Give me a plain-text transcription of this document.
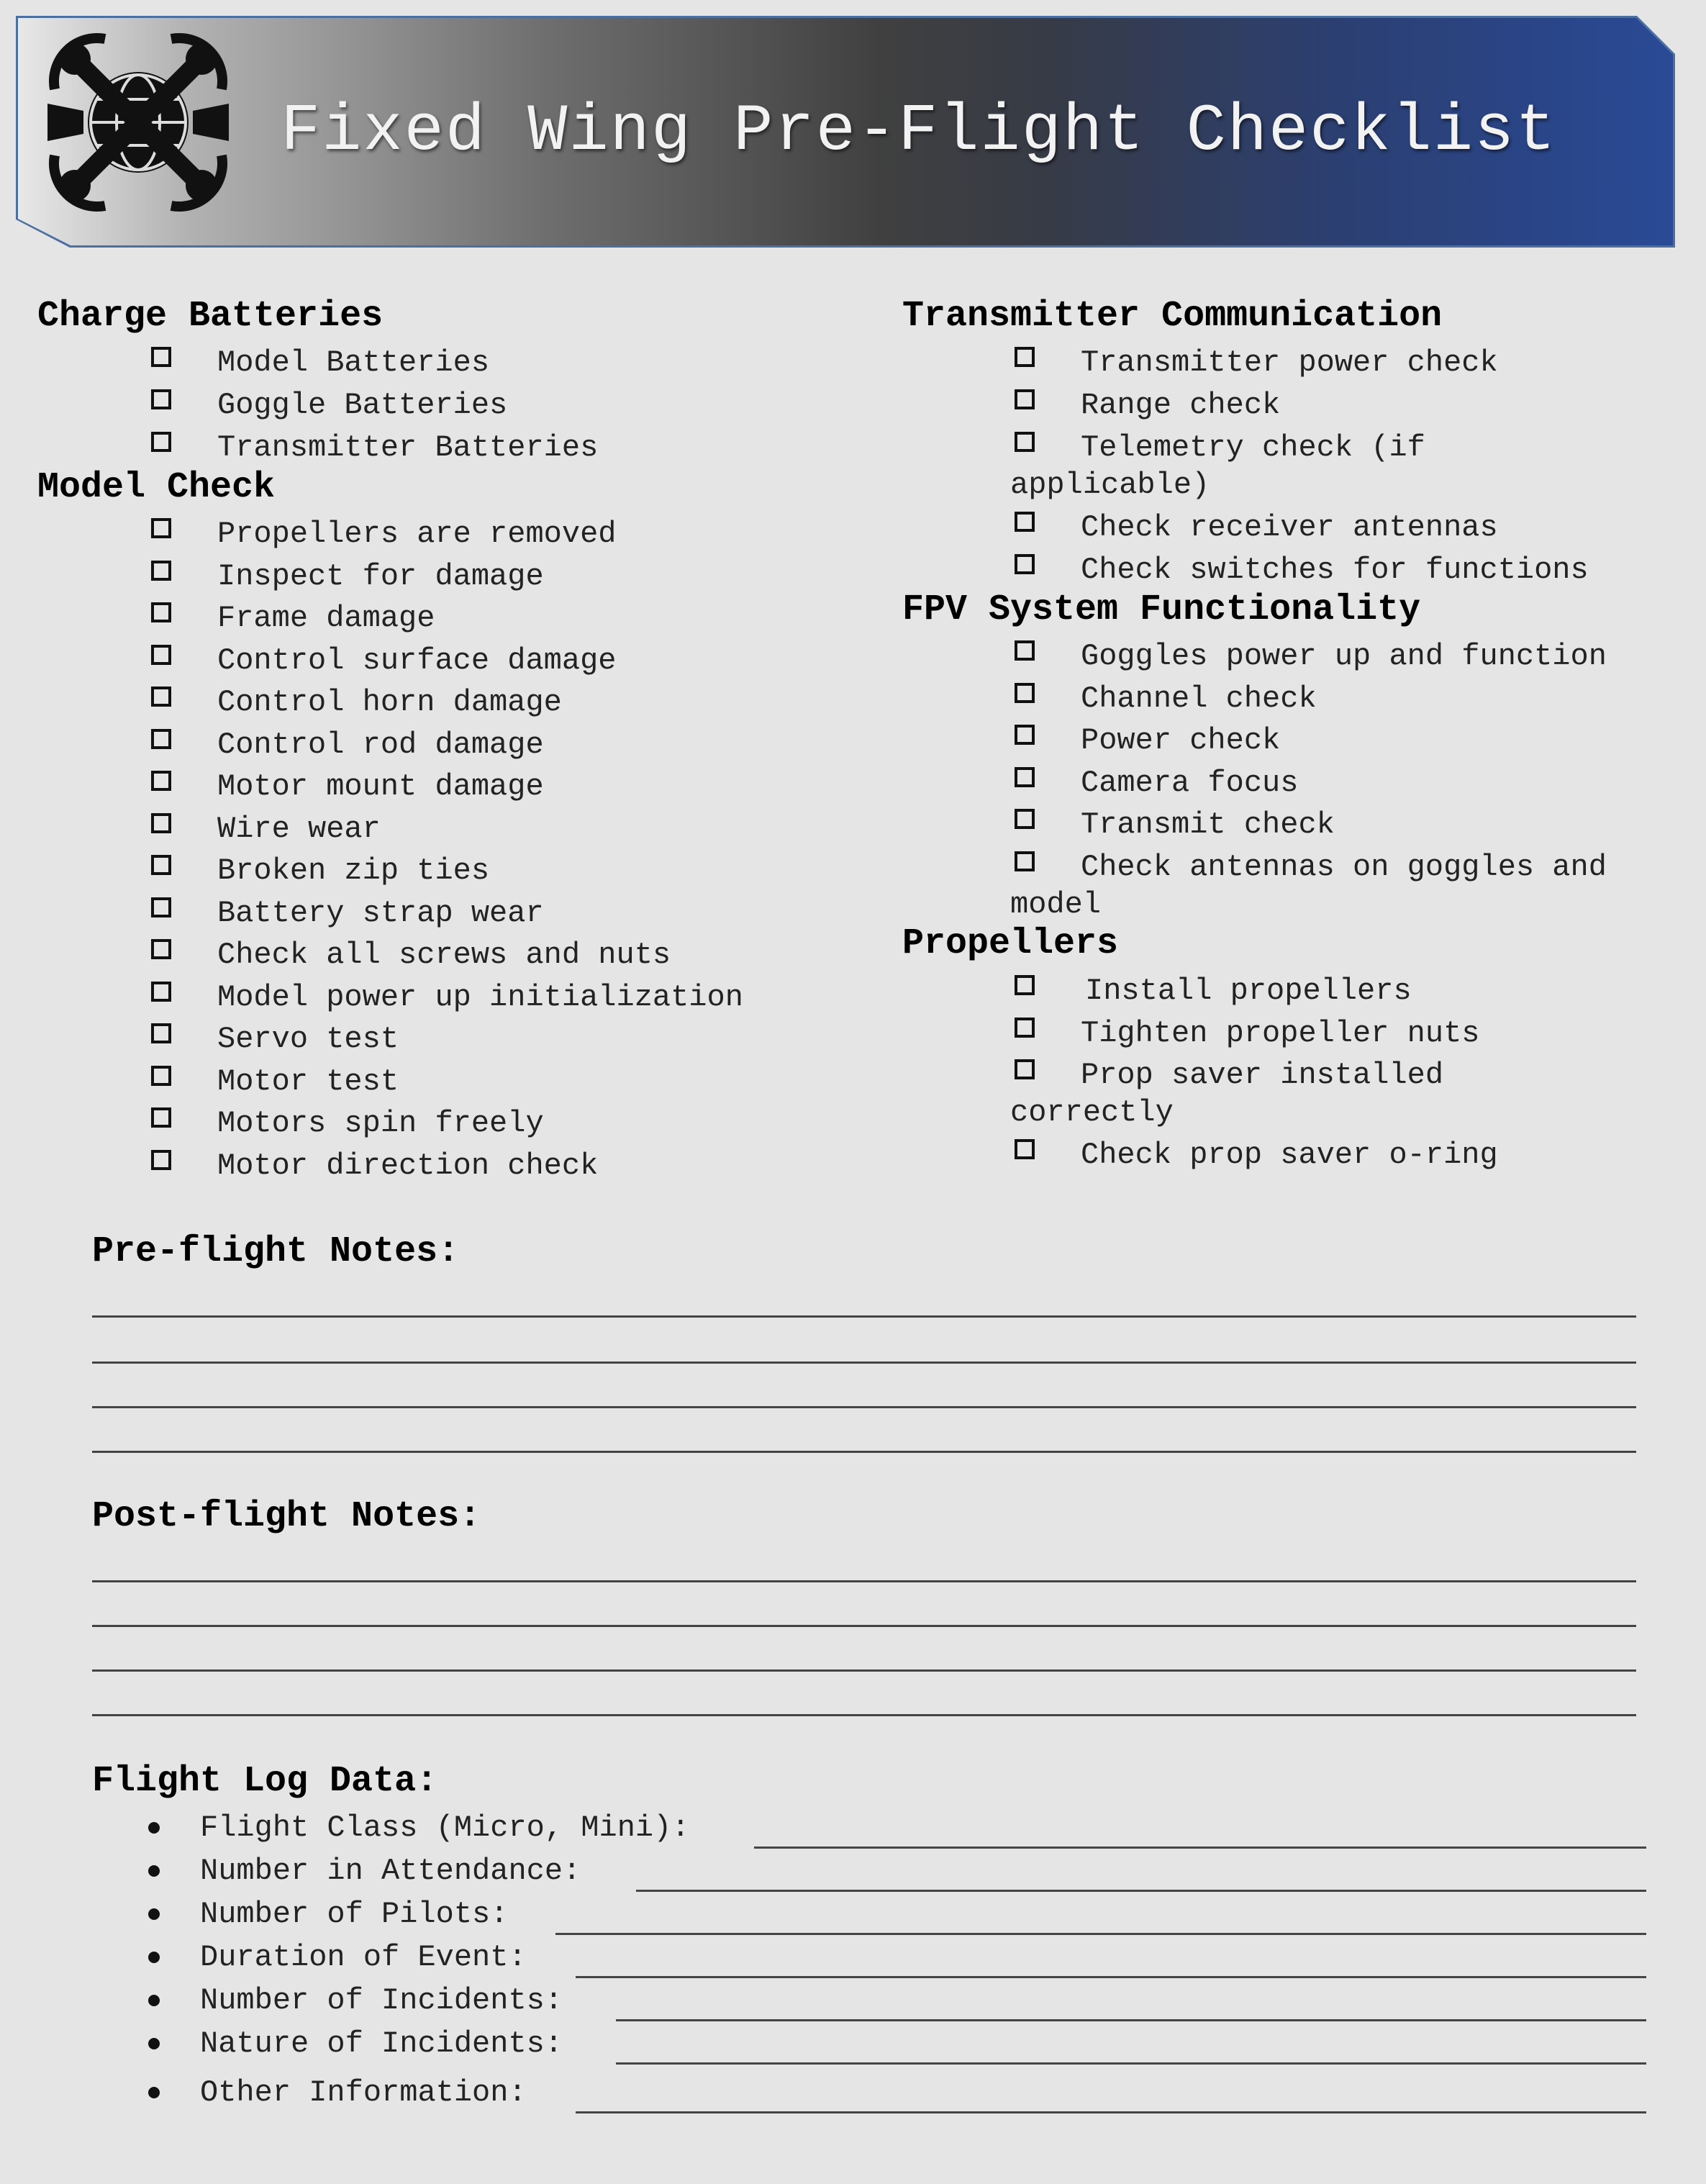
Fixed Wing Pre-Flight Checklist
Charge Batteries
Model Batteries
Goggle Batteries
Transmitter Batteries
Model Check
Propellers are removed
Inspect for damage
Frame damage
Control surface damage
Control horn damage
Control rod damage
Motor mount damage
Wire wear
Broken zip ties
Battery strap wear
Check all screws and nuts
Model power up initialization
Servo test
Motor test
Motors spin freely
Motor direction check
Transmitter Communication
Transmitter power check
Range check
Telemetry check (if
applicable)
Check receiver antennas
Check switches for functions
FPV System Functionality
Goggles power up and function
Channel check
Power check
Camera focus
Transmit check
Check antennas on goggles and
model
Propellers
Install propellers
Tighten propeller nuts
Prop saver installed
correctly
Check prop saver o-ring
Pre-flight Notes:
Post-flight Notes:
Flight Log Data:
Flight Class (Micro, Mini):
Number in Attendance:
Number of Pilots:
Duration of Event:
Number of Incidents:
Nature of Incidents:
Other Information:
